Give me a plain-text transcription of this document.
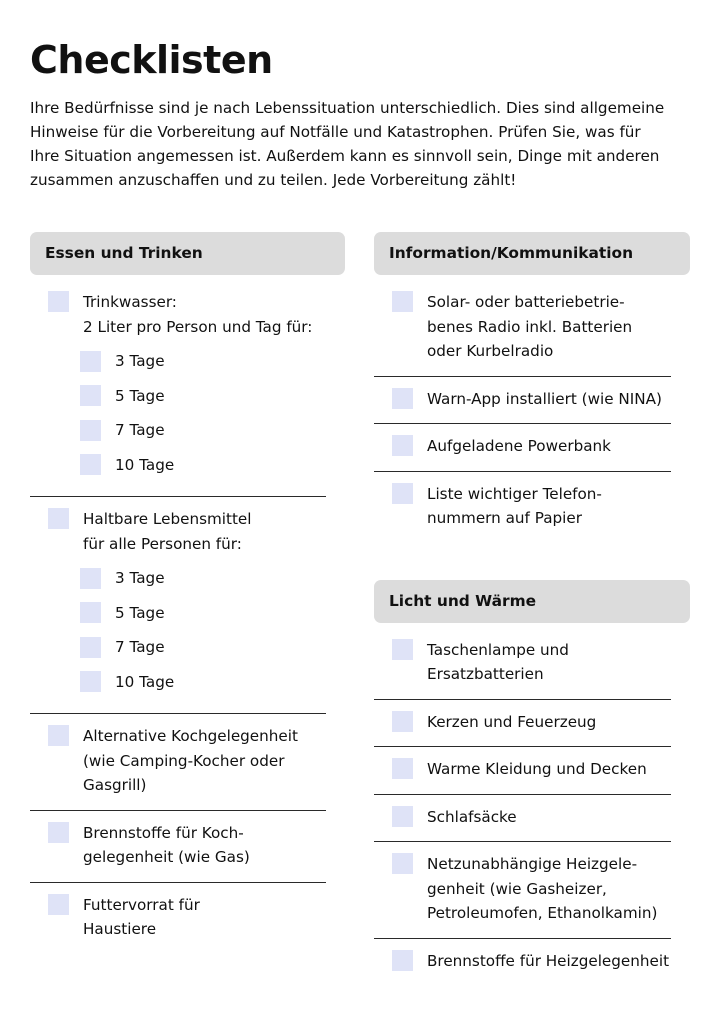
Checklisten

Ihre Bedürfnisse sind je nach Lebenssituation unterschiedlich. Dies sind allgemeine
Hinweise für die Vorbereitung auf Notfälle und Katastrophen. Prüfen Sie, was für
Ihre Situation angemessen ist. Außerdem kann es sinnvoll sein, Dinge mit anderen
zusammen anzuschaffen und zu teilen. Jede Vorbereitung zählt!

Essen und Trinken
Trinkwasser:
2 Liter pro Person und Tag für:
3 Tage
5 Tage
7 Tage
10 Tage
Haltbare Lebensmittel
für alle Personen für:
3 Tage
5 Tage
7 Tage
10 Tage
Alternative Kochgelegenheit
(wie Camping-Kocher oder
Gasgrill)
Brennstoffe für Koch-
gelegenheit (wie Gas)
Futtervorrat für
Haustiere
Information/Kommunikation
Solar- oder batteriebetrie-
benes Radio inkl. Batterien
oder Kurbelradio
Warn-App installiert (wie NINA)
Aufgeladene Powerbank
Liste wichtiger Telefon-
nummern auf Papier
Licht und Wärme
Taschenlampe und
Ersatzbatterien
Kerzen und Feuerzeug
Warme Kleidung und Decken
Schlafsäcke
Netzunabhängige Heizgele-
genheit (wie Gasheizer,
Petroleumofen, Ethanolkamin)
Brennstoffe für Heizgelegenheit
